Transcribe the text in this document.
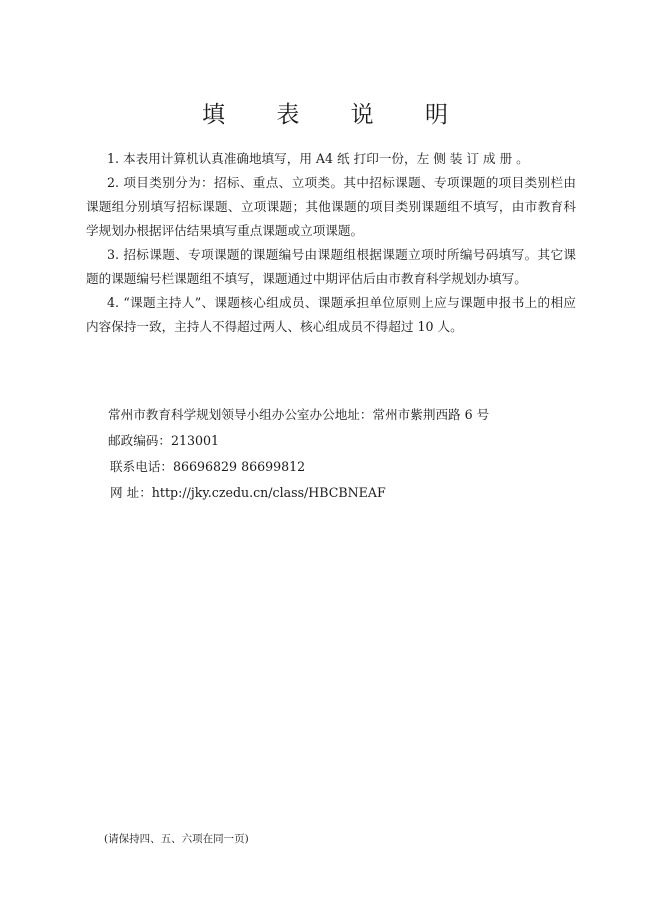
填 表 说 明

1. 本表用计算机认真准确地填写，用 A4 纸 打印一份，左 侧 装 订 成 册 。

2. 项目类别分为：招标、重点、立项类。其中招标课题、专项课题的项目类别栏由课题组分别填写招标课题、立项课题；其他课题的项目类别课题组不填写，由市教育科学规划办根据评估结果填写重点课题或立项课题。

3. 招标课题、专项课题的课题编号由课题组根据课题立项时所编号码填写。其它课题的课题编号栏课题组不填写，课题通过中期评估后由市教育科学规划办填写。

4. “课题主持人”、课题核心组成员、课题承担单位原则上应与课题申报书上的相应内容保持一致，主持人不得超过两人、核心组成员不得超过 10 人。

常州市教育科学规划领导小组办公室办公地址：常州市紫荆西路 6 号
邮政编码：213001
联系电话：86696829 86699812
网 址：http://jky.czedu.cn/class/HBCBNEAF
(请保持四、五、六项在同一页)
